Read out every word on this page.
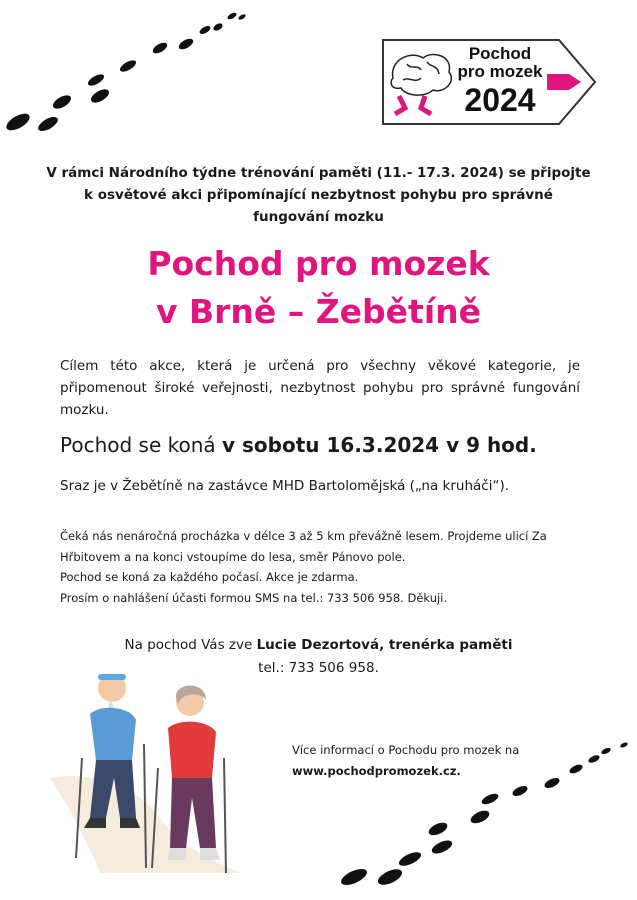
Pochod
pro mozek
2024
V rámci Národního týdne trénování paměti (11.- 17.3. 2024) se připojte
k osvětové akci připomínající nezbytnost pohybu pro správné
fungování mozku
Pochod pro mozek
v Brně – Žebětíně
Cílem této akce, která je určená pro všechny věkové kategorie, je připomenout široké veřejnosti, nezbytnost pohybu pro správné fungování mozku.
Pochod se koná v sobotu 16.3.2024 v 9 hod.
Sraz je v Žebětíně na zastávce MHD Bartolomějská („na kruháči“).
Čeká nás nenáročná procházka v délce 3 až 5 km převážně lesem. Projdeme ulicí Za
Hřbitovem a na konci vstoupíme do lesa, směr Pánovo pole.
Pochod se koná za každého počasí. Akce je zdarma.
Prosím o nahlášení účasti formou SMS na tel.: 733 506 958. Děkuji.
Na pochod Vás zve Lucie Dezortová, trenérka paměti
tel.: 733 506 958.
Více informací o Pochodu pro mozek na
www.pochodpromozek.cz.
